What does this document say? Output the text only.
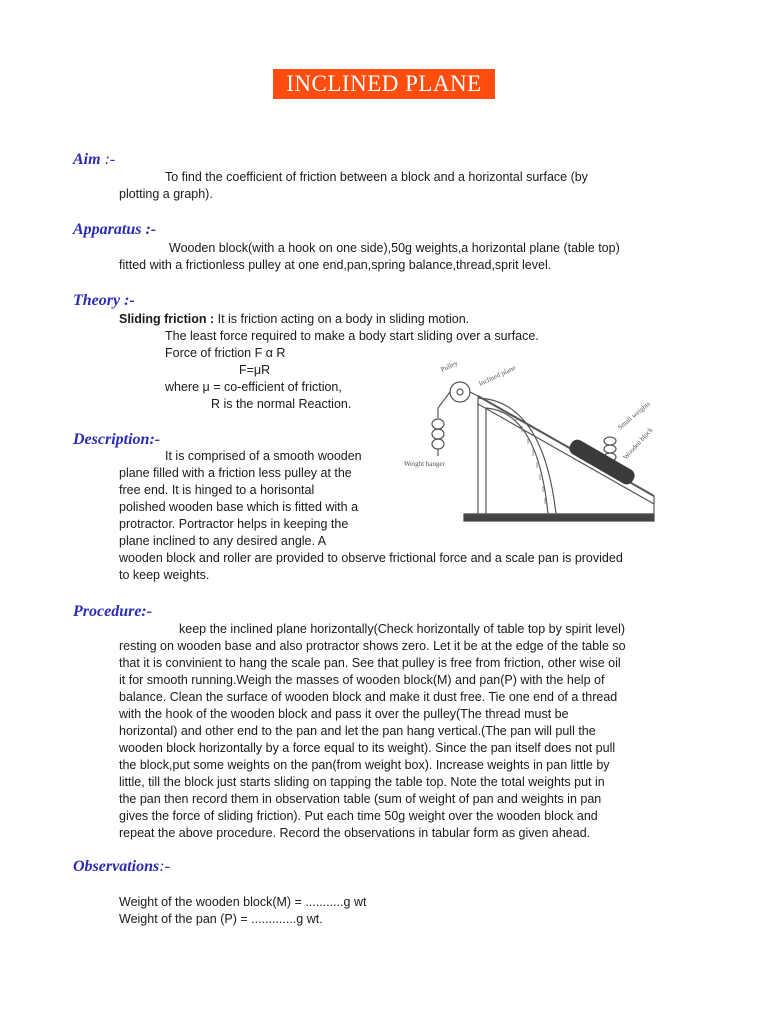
INCLINED PLANE
Aim :-
To find the coefficient of friction between a block and a horizontal surface (by
plotting a graph).
Apparatus :-
Wooden block(with a hook on one side),50g weights,a horizontal plane (table top)
fitted with a frictionless pulley at one end,pan,spring balance,thread,sprit level.
Theory :-
Sliding friction : It is friction acting on a body in sliding motion.
The least force required to make a body start sliding over a surface.
Force of friction F α R
F=μR
where μ = co-efficient of friction,
R is the normal Reaction.
Pulley	Inclined plane
Weight hanger
Small weights
Wooden block
Description:-
It is comprised of a smooth wooden
plane filled with a friction less pulley at the
free end. It is hinged to a horisontal
polished wooden base which is fitted with a
protractor. Portractor helps in keeping the
plane inclined to any desired angle. A
wooden block and roller are provided to observe frictional force and a scale pan is provided
to keep weights.
Procedure:-
keep the inclined plane horizontally(Check horizontally of table top by spirit level)
resting on wooden base and also protractor shows zero. Let it be at the edge of the table so
that it is convinient to hang the scale pan. See that pulley is free from friction, other wise oil
it for smooth running.Weigh the masses of wooden block(M) and pan(P) with the help of
balance. Clean the surface of wooden block and make it dust free. Tie one end of a thread
with the hook of the wooden block and pass it over the pulley(The thread must be
horizontal) and other end to the pan and let the pan hang vertical.(The pan will pull the
wooden block horizontally by a force equal to its weight). Since the pan itself does not pull
the block,put some weights on the pan(from weight box). Increase weights in pan little by
little, till the block just starts sliding on tapping the table top. Note the total weights put in
the pan then record them in observation table (sum of weight of pan and weights in pan
gives the force of sliding friction). Put each time 50g weight over the wooden block and
repeat the above procedure. Record the observations in tabular form as given ahead.
Observations:-
Weight of the wooden block(M) = ...........g wt
Weight of the pan (P) = .............g wt.
